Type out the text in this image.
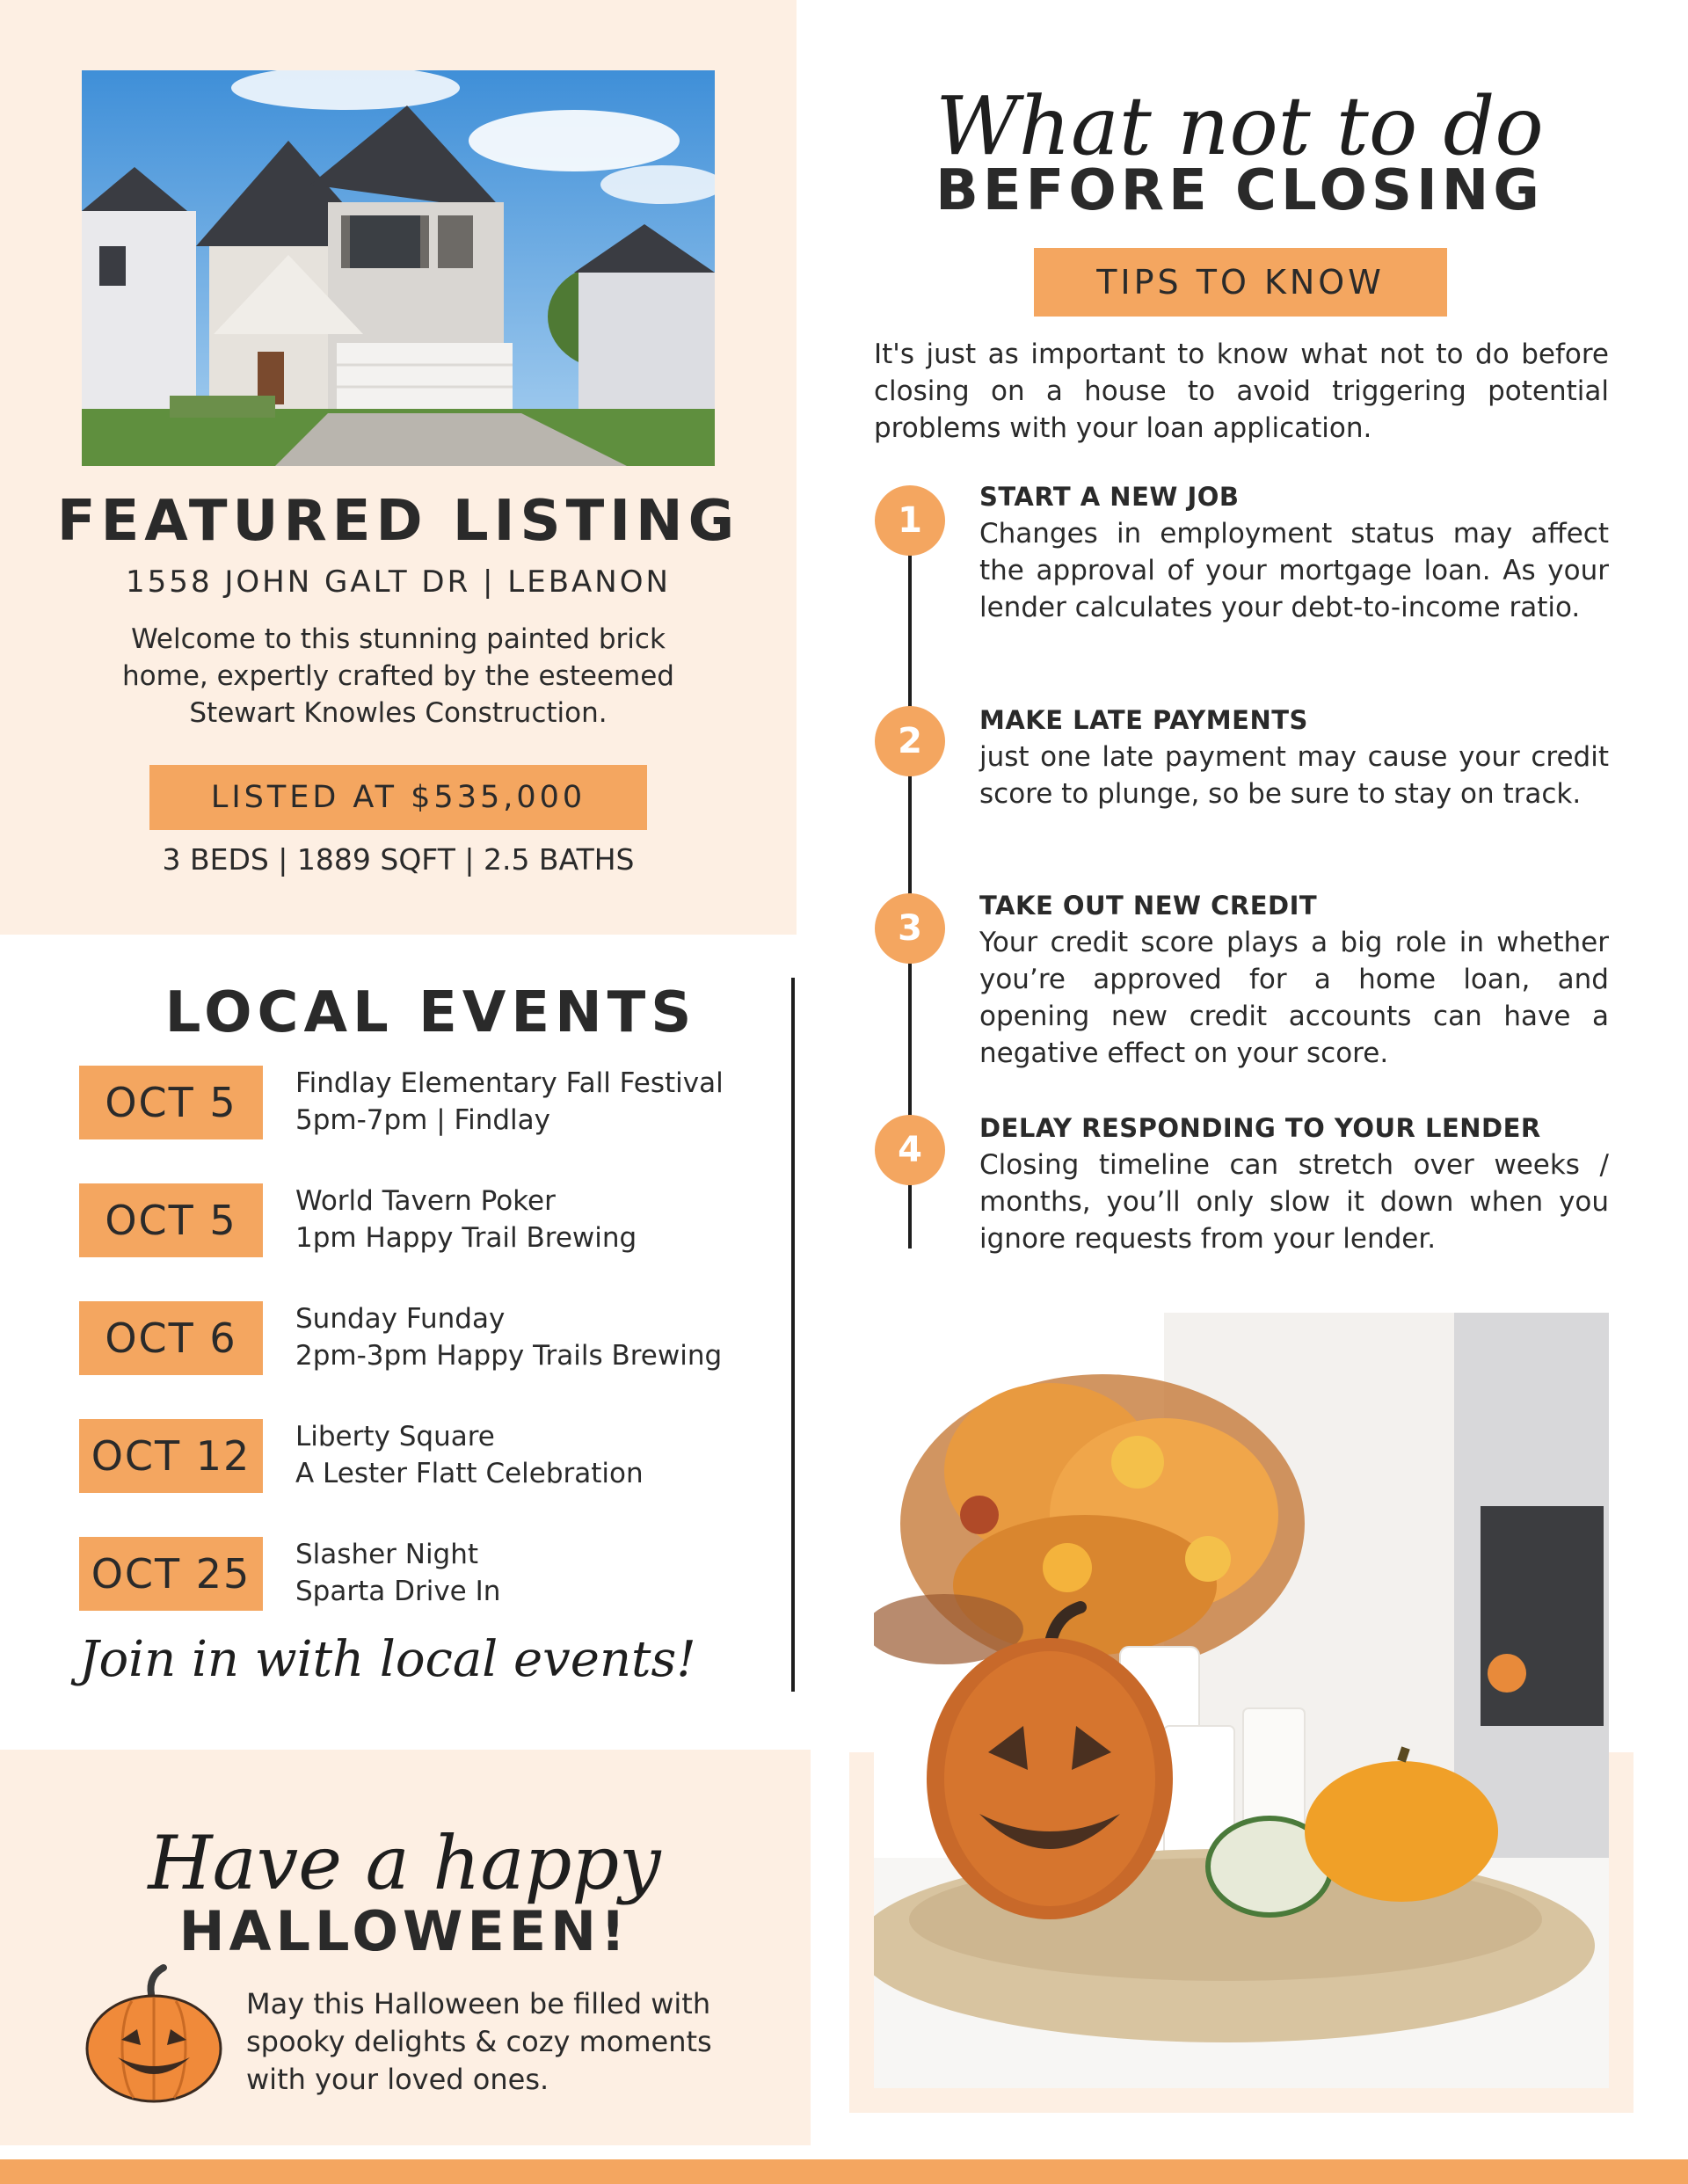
FEATURED LISTING
1558 JOHN GALT DR | LEBANON
Welcome to this stunning painted brick home, expertly crafted by the esteemed Stewart Knowles Construction.
LISTED AT $535,000
3 BEDS | 1889 SQFT | 2.5 BATHS
LOCAL EVENTS
OCT 5	Findlay Elementary Fall Festival
5pm-7pm | Findlay
OCT 5	World Tavern Poker
1pm Happy Trail Brewing
OCT 6	Sunday Funday
2pm-3pm Happy Trails Brewing
OCT 12	Liberty Square
A Lester Flatt Celebration
OCT 25	Slasher Night
Sparta Drive In
Join in with local events!
Have a happy
HALLOWEEN!
May this Halloween be filled with spooky delights & cozy moments with your loved ones.
What not to do
BEFORE CLOSING
TIPS TO KNOW
It's just as important to know what not to do before closing on a house to avoid triggering potential problems with your loan application.
1
START A NEW JOB
Changes in employment status may affect the approval of your mortgage loan. As your lender calculates your debt-to-income ratio.
2
MAKE LATE PAYMENTS
just one late payment may cause your credit score to plunge, so be sure to stay on track.
3
TAKE OUT NEW CREDIT
Your credit score plays a big role in whether you’re approved for a home loan, and opening new credit accounts can have a negative effect on your score.
4
DELAY RESPONDING TO YOUR LENDER
Closing timeline can stretch over weeks / months, you’ll only slow it down when you ignore requests from your lender.
